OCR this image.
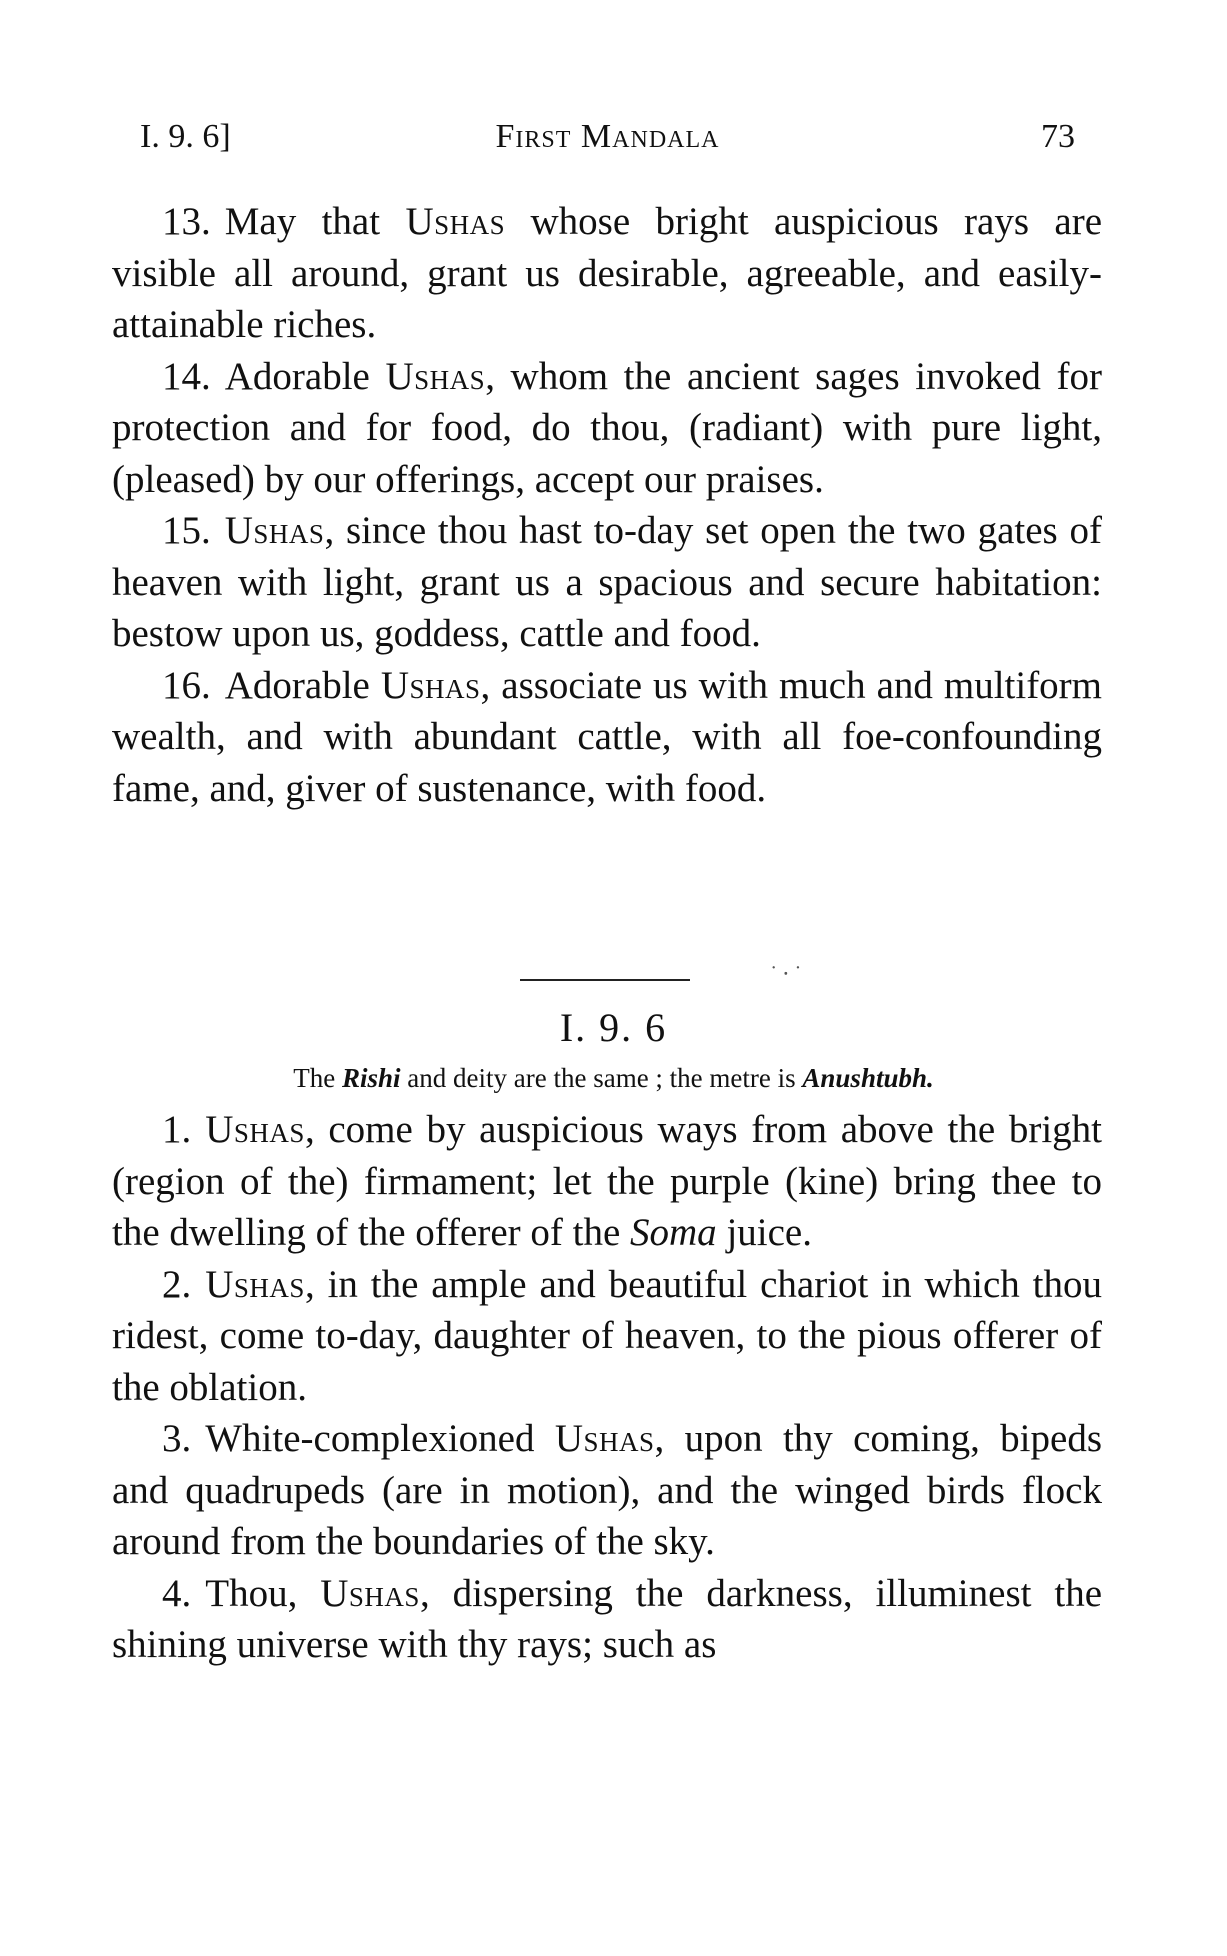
I. 9. 6]	First Mandala	73

13. May that Ushas whose bright auspicious rays are visible all around, grant us desirable, agreeable, and easily-attainable riches.

14. Adorable Ushas, whom the ancient sages invoked for protection and for food, do thou, (radiant) with pure light, (pleased) by our offerings, accept our praises.

15. Ushas, since thou hast to-day set open the two gates of heaven with light, grant us a spacious and secure habitation: bestow upon us, goddess, cattle and food.

16. Adorable Ushas, associate us with much and multiform wealth, and with abundant cattle, with all foe-confounding fame, and, giver of sustenance, with food.

˙ ⸱ ˙
I. 9. 6
The Rishi and deity are the same ; the metre is Anushtubh.

1. Ushas, come by auspicious ways from above the bright (region of the) firmament; let the purple (kine) bring thee to the dwelling of the offerer of the Soma juice.

2. Ushas, in the ample and beautiful chariot in which thou ridest, come to-day, daughter of heaven, to the pious offerer of the oblation.

3. White-complexioned Ushas, upon thy coming, bipeds and quadrupeds (are in motion), and the winged birds flock around from the boundaries of the sky.

4. Thou, Ushas, dispersing the darkness, illuminest the shining universe with thy rays; such as
